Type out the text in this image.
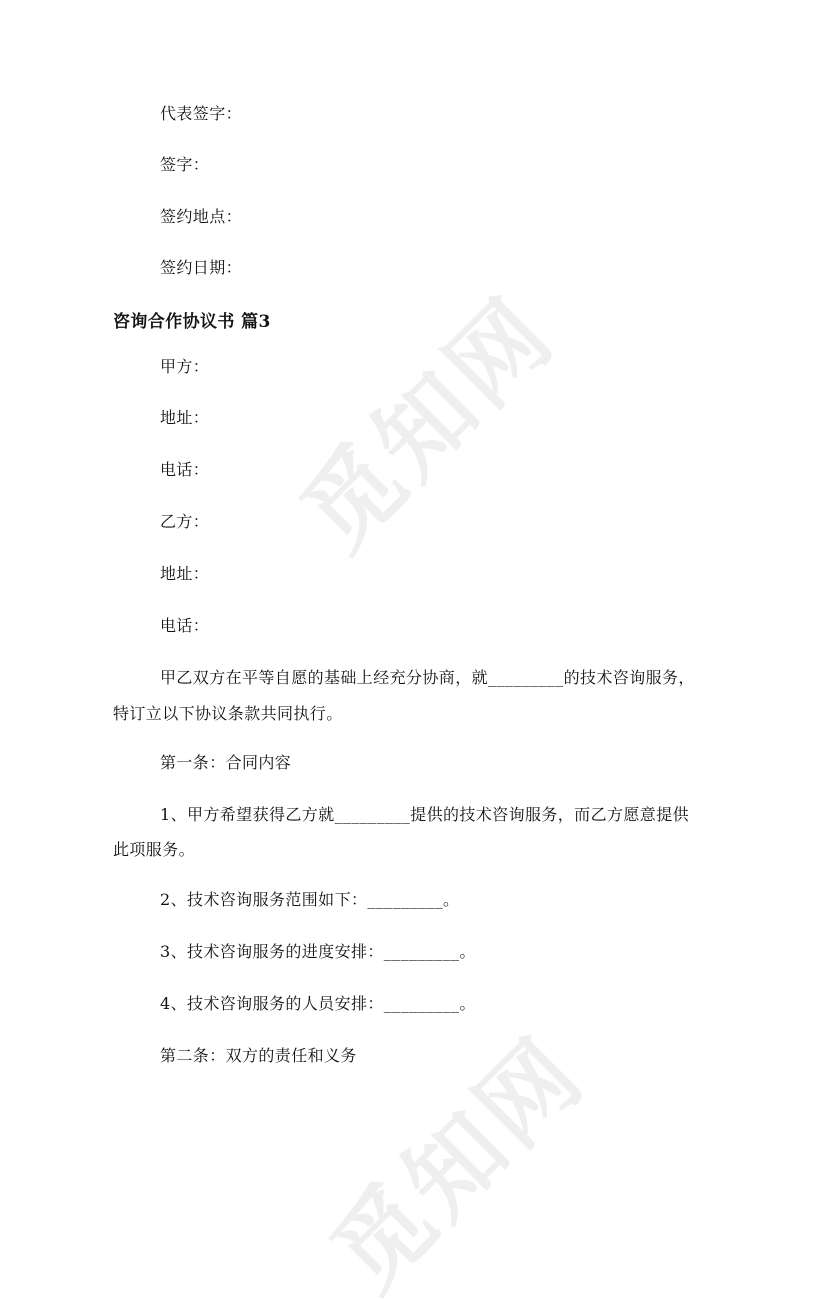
觅知网
觅知网
代表签字：
签字：
签约地点：
签约日期：
咨询合作协议书 篇3
甲方：
地址：
电话：
乙方：
地址：
电话：
甲乙双方在平等自愿的基础上经充分协商，就_________的技术咨询服务，
特订立以下协议条款共同执行。
第一条：合同内容
1、甲方希望获得乙方就_________提供的技术咨询服务，而乙方愿意提供
此项服务。
2、技术咨询服务范围如下：_________。
3、技术咨询服务的进度安排：_________。
4、技术咨询服务的人员安排：_________。
第二条：双方的责任和义务
